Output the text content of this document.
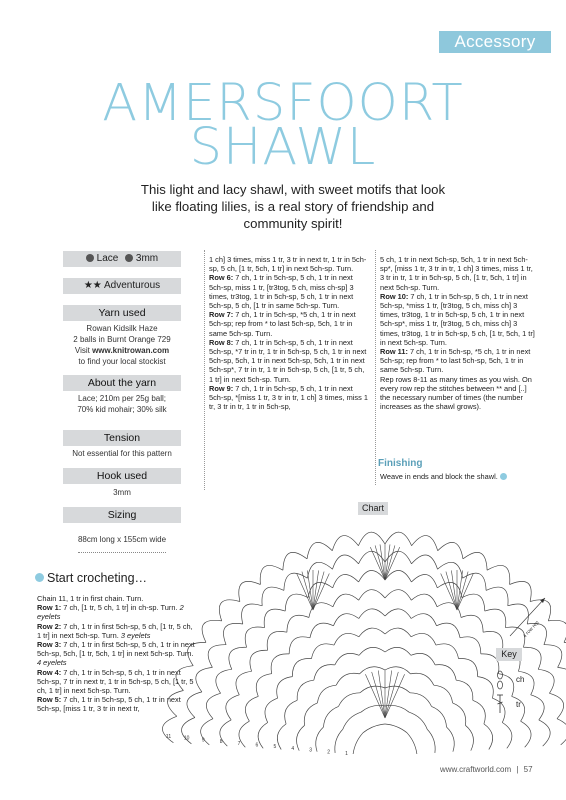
Accessory
AMERSFOORT
SHAWL
This light and lacy shawl, with sweet motifs that look like floating lilies, is a real story of friendship and community spirit!
Lace 3mm
★★ Adventurous
Yarn used
Rowan Kidsilk Haze
2 balls in Burnt Orange 729
Visit www.knitrowan.com
to find your local stockist
About the yarn
Lace; 210m per 25g ball;
70% kid mohair; 30% silk
Tension
Not essential for this pattern
Hook used
3mm
Sizing
88cm long x 155cm wide
Start crocheting…

Chain 11, 1 tr in first chain. Turn.

Row 1: 7 ch, [1 tr, 5 ch, 1 tr] in ch-sp. Turn. 2 eyelets

Row 2: 7 ch, 1 tr in first 5ch-sp, 5 ch, [1 tr, 5 ch, 1 tr] in next 5ch-sp. Turn. 3 eyelets

Row 3: 7 ch, 1 tr in first 5ch-sp, 5 ch, 1 tr in next 5ch-sp, 5ch, [1 tr, 5ch, 1 tr] in next 5ch-sp. Turn. 4 eyelets

Row 4: 7 ch, 1 tr in 5ch-sp, 5 ch, 1 tr in next 5ch-sp, 7 tr in next tr, 1 tr in 5ch-sp, 5 ch, [1 tr, 5 ch, 1 tr] in next 5ch-sp. Turn.

Row 5: 7 ch, 1 tr in 5ch-sp, 5 ch, 1 tr in next 5ch-sp, [miss 1 tr, 3 tr in next tr,

1 ch] 3 times, miss 1 tr, 3 tr in next tr, 1 tr in 5ch-sp, 5 ch, [1 tr, 5ch, 1 tr] in next 5ch-sp. Turn.

Row 6: 7 ch, 1 tr in 5ch-sp, 5 ch, 1 tr in next 5ch-sp, miss 1 tr, [tr3tog, 5 ch, miss ch-sp] 3 times, tr3tog, 1 tr in 5ch-sp, 5 ch, 1 tr in next 5ch-sp, 5 ch, [1 tr in same 5ch-sp. Turn.

Row 7: 7 ch, 1 tr in 5ch-sp, *5 ch, 1 tr in next 5ch-sp; rep from * to last 5ch-sp, 5ch, 1 tr in same 5ch-sp. Turn.

Row 8: 7 ch, 1 tr in 5ch-sp, 5 ch, 1 tr in next 5ch-sp, *7 tr in tr, 1 tr in 5ch-sp, 5 ch, 1 tr in next 5ch-sp, 5ch, 1 tr in next 5ch-sp, 5ch, 1 tr in next 5ch-sp*, 7 tr in tr, 1 tr in 5ch-sp, 5 ch, [1 tr, 5 ch, 1 tr] in next 5ch-sp. Turn.

Row 9: 7 ch, 1 tr in 5ch-sp, 5 ch, 1 tr in next 5ch-sp, *[miss 1 tr, 3 tr in tr, 1 ch] 3 times, miss 1 tr, 3 tr in tr, 1 tr in 5ch-sp,

5 ch, 1 tr in next 5ch-sp, 5ch, 1 tr in next 5ch-sp*, [miss 1 tr, 3 tr in tr, 1 ch] 3 times, miss 1 tr, 3 tr in tr, 1 tr in 5ch-sp, 5 ch, [1 tr, 5ch, 1 tr] in next 5ch-sp. Turn.

Row 10: 7 ch, 1 tr in 5ch-sp, 5 ch, 1 tr in next 5ch-sp, *miss 1 tr, [tr3tog, 5 ch, miss ch] 3 times, tr3tog, 1 tr in 5ch-sp, 5 ch, 1 tr in next 5ch-sp*, miss 1 tr, [tr3tog, 5 ch, miss ch] 3 times, tr3tog, 1 tr in 5ch-sp, 5 ch, [1 tr, 5ch, 1 tr] in next 5ch-sp. Turn.

Row 11: 7 ch, 1 tr in 5ch-sp, *5 ch, 1 tr in next 5ch-sp; rep from * to last 5ch-sp, 5ch, 1 tr in same 5ch-sp. Turn.

Rep rows 8-11 as many times as you wish. On every row rep the stitches between ** and [..] the necessary number of times (the number increases as the shawl grows).

Finishing
Weave in ends and block the shawl.
Chart
11	10 9	8	7	6	5	4	3	2	1
4 row rep
Key
ch
tr
www.craftworld.com | 57
